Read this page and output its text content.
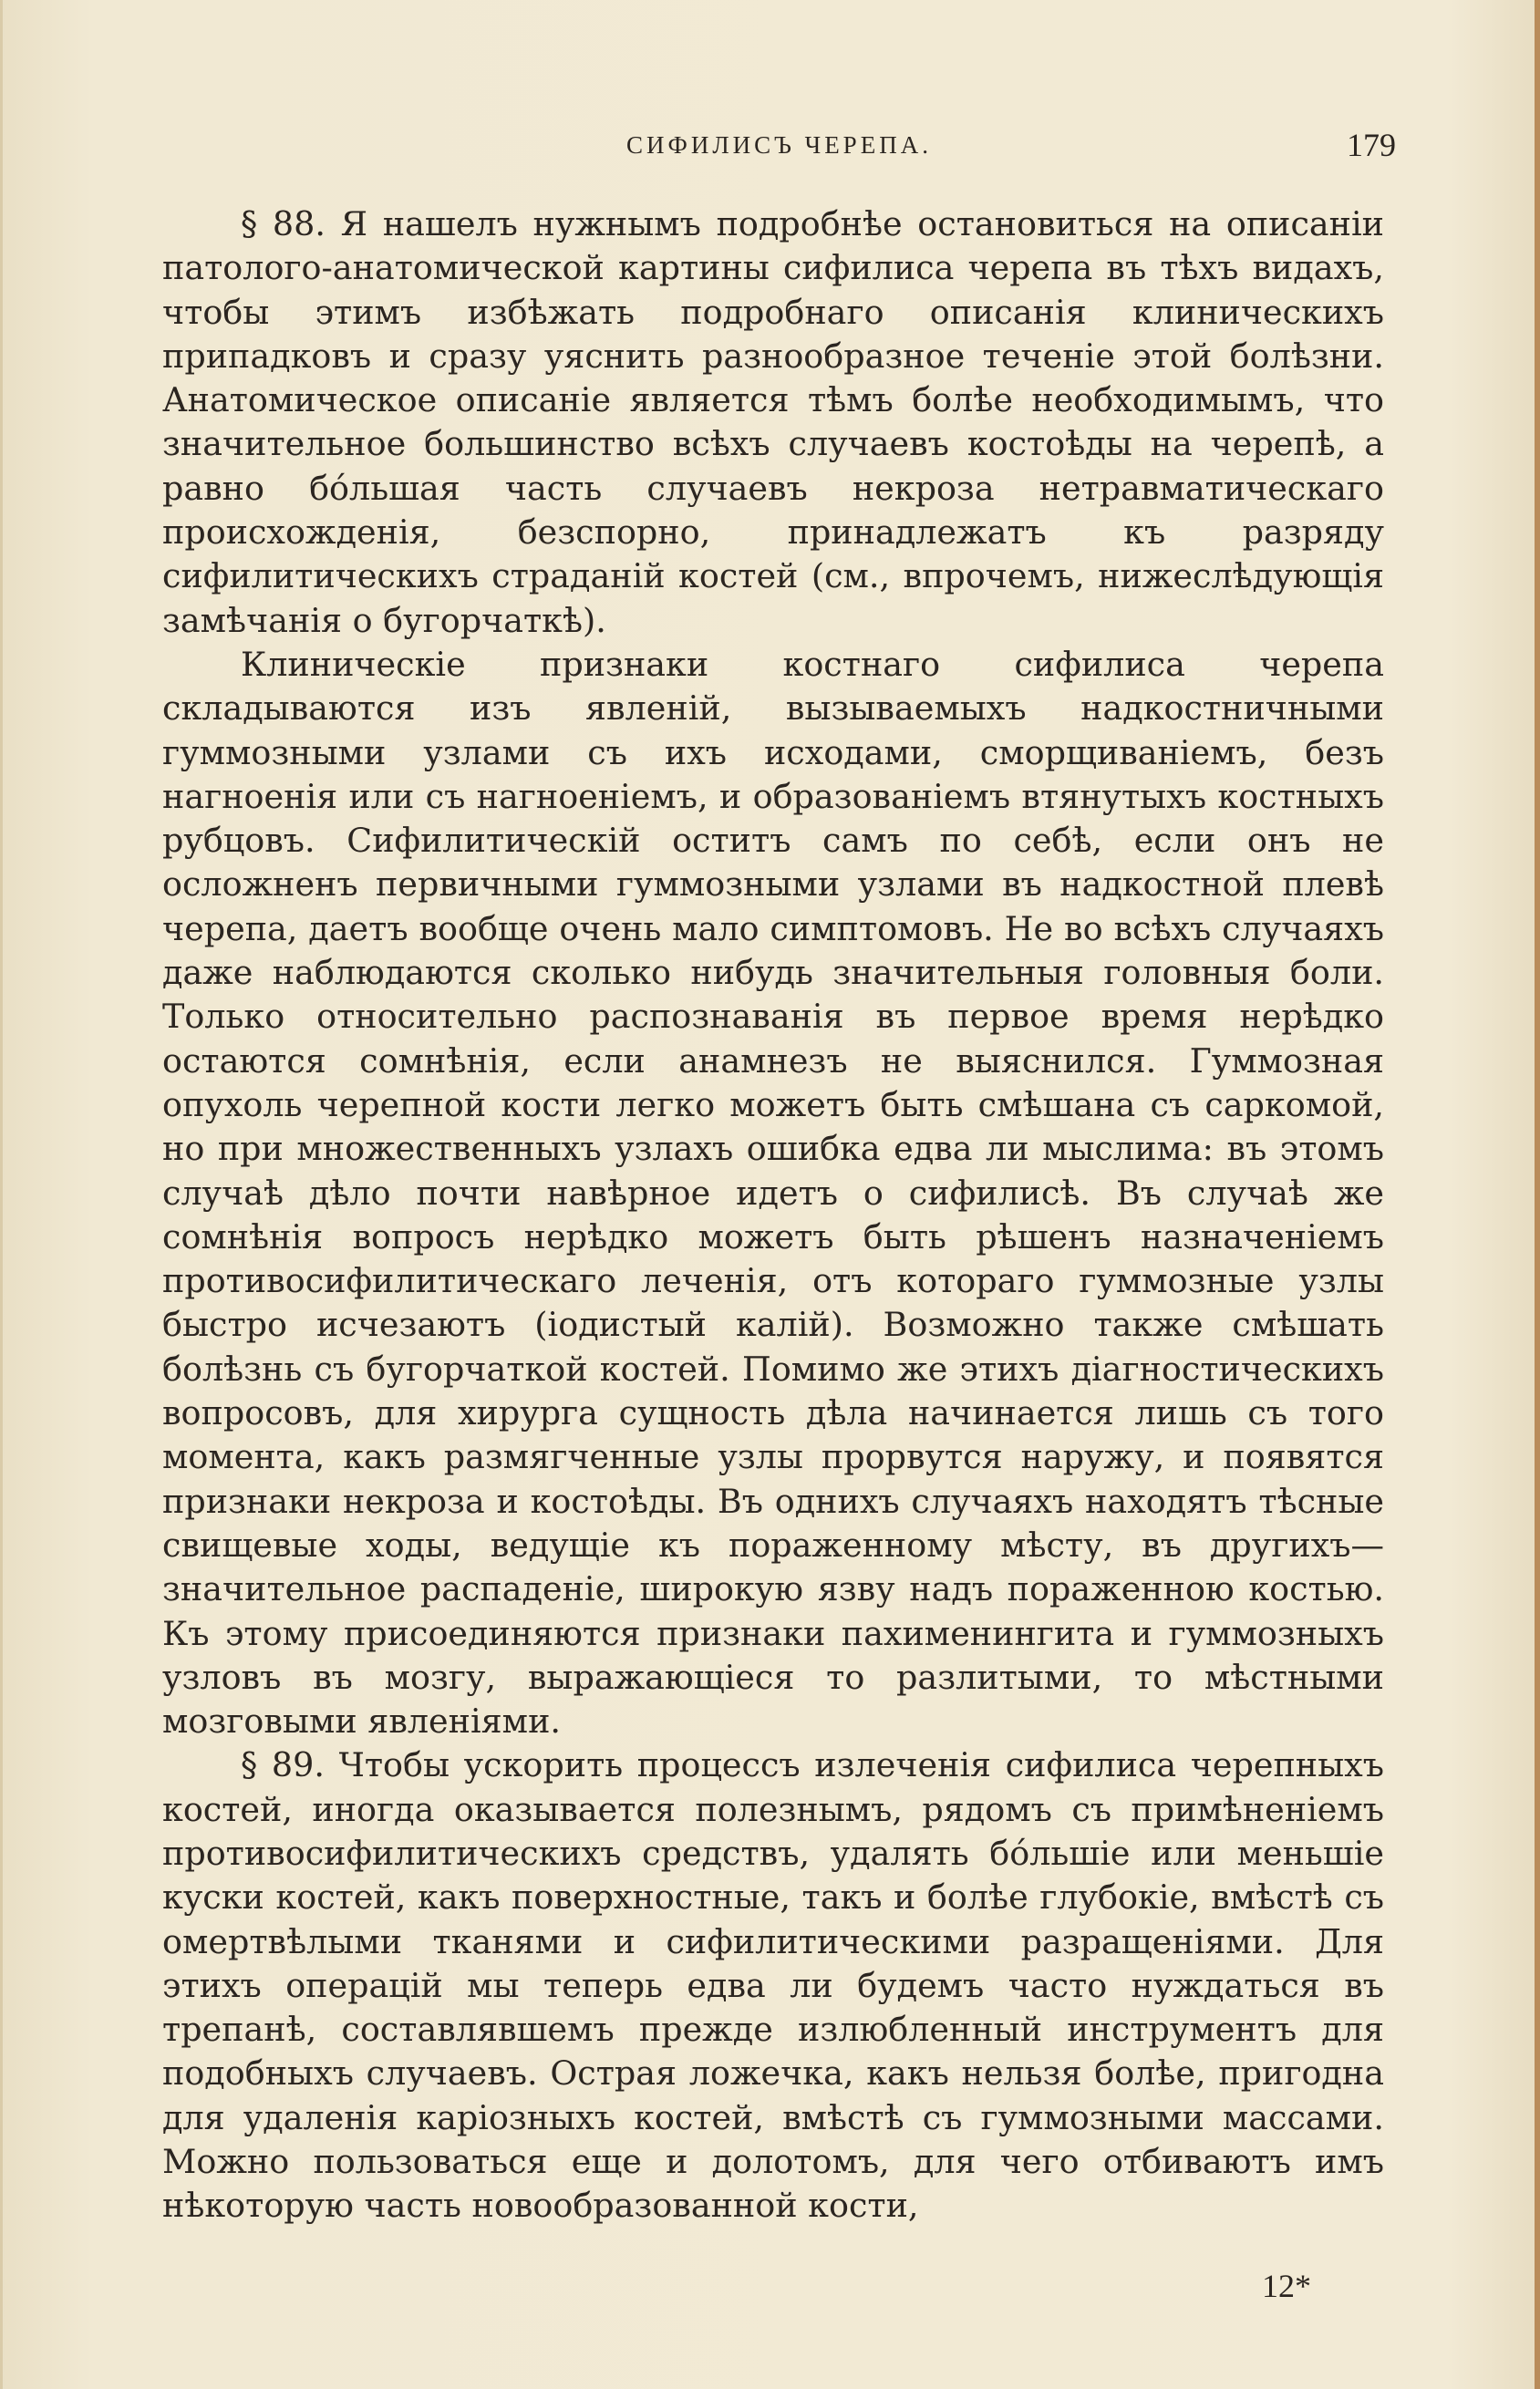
СИФИЛИСЪ ЧЕРЕПА.	179

§ 88. Я нашелъ нужнымъ подробнѣе остановиться на описанiи патолого-анатомической картины сифилиса черепа въ тѣхъ видахъ, чтобы этимъ избѣжать подробнаго описанія клиническихъ припадковъ и сразу уяснить разнообразное теченіе этой болѣзни. Анатомическое описаніе является тѣмъ болѣе необходимымъ, что значительное большинство всѣхъ случаевъ костоѣды на черепѣ, а равно бóльшая часть случаевъ некроза нетравматическаго происхожденія, безспорно, принадлежатъ къ разряду сифилитическихъ страданій костей (см., впрочемъ, нижеслѣдующія замѣчанія о бугорчаткѣ).

Клиническіе признаки костнаго сифилиса черепа складываются изъ явленій, вызываемыхъ надкостничными гуммозными узлами съ ихъ исходами, сморщиваніемъ, безъ нагноенія или съ нагноеніемъ, и образованіемъ втянутыхъ костныхъ рубцовъ. Сифилитическій оститъ самъ по себѣ, если онъ не осложненъ первичными гуммозными узлами въ надкостной плевѣ черепа, даетъ вообще очень мало симптомовъ. Не во всѣхъ случаяхъ даже наблюдаются сколько нибудь значительныя головныя боли. Только относительно распознаванія въ первое время нерѣдко остаются сомнѣнія, если анамнезъ не выяснился. Гуммозная опухоль черепной кости легко можетъ быть смѣшана съ саркомой, но при множественныхъ узлахъ ошибка едва ли мыслима: въ этомъ случаѣ дѣло почти навѣрное идетъ о сифилисѣ. Въ случаѣ же сомнѣнія вопросъ нерѣдко можетъ быть рѣшенъ назначеніемъ противосифилитическаго леченія, отъ котораго гуммозные узлы быстро исчезаютъ (іодистый калій). Возможно также смѣшать болѣзнь съ бугорчаткой костей. Помимо же этихъ діагностическихъ вопросовъ, для хирурга сущность дѣла начинается лишь съ того момента, какъ размягченные узлы прорвутся наружу, и появятся признаки некроза и костоѣды. Въ однихъ случаяхъ находятъ тѣсные свищевые ходы, ведущіе къ пораженному мѣсту, въ другихъ—значительное распаденіе, широкую язву надъ пораженною костью. Къ этому присоединяются признаки пахименингита и гуммозныхъ узловъ въ мозгу, выражающіеся то разлитыми, то мѣстными мозговыми явленіями.

§ 89. Чтобы ускорить процессъ излеченія сифилиса черепныхъ костей, иногда оказывается полезнымъ, рядомъ съ примѣненіемъ противосифилитическихъ средствъ, удалять бóльшіе или меньшіе куски костей, какъ поверхностные, такъ и болѣе глубокіе, вмѣстѣ съ омертвѣлыми тканями и сифилитическими разращеніями. Для этихъ операцій мы теперь едва ли будемъ часто нуждаться въ трепанѣ, составлявшемъ прежде излюбленный инструментъ для подобныхъ случаевъ. Острая ложечка, какъ нельзя болѣе, пригодна для удаленія каріозныхъ костей, вмѣстѣ съ гуммозными массами. Можно пользоваться еще и долотомъ, для чего отбиваютъ имъ нѣкоторую часть новообразованной кости,

12*
